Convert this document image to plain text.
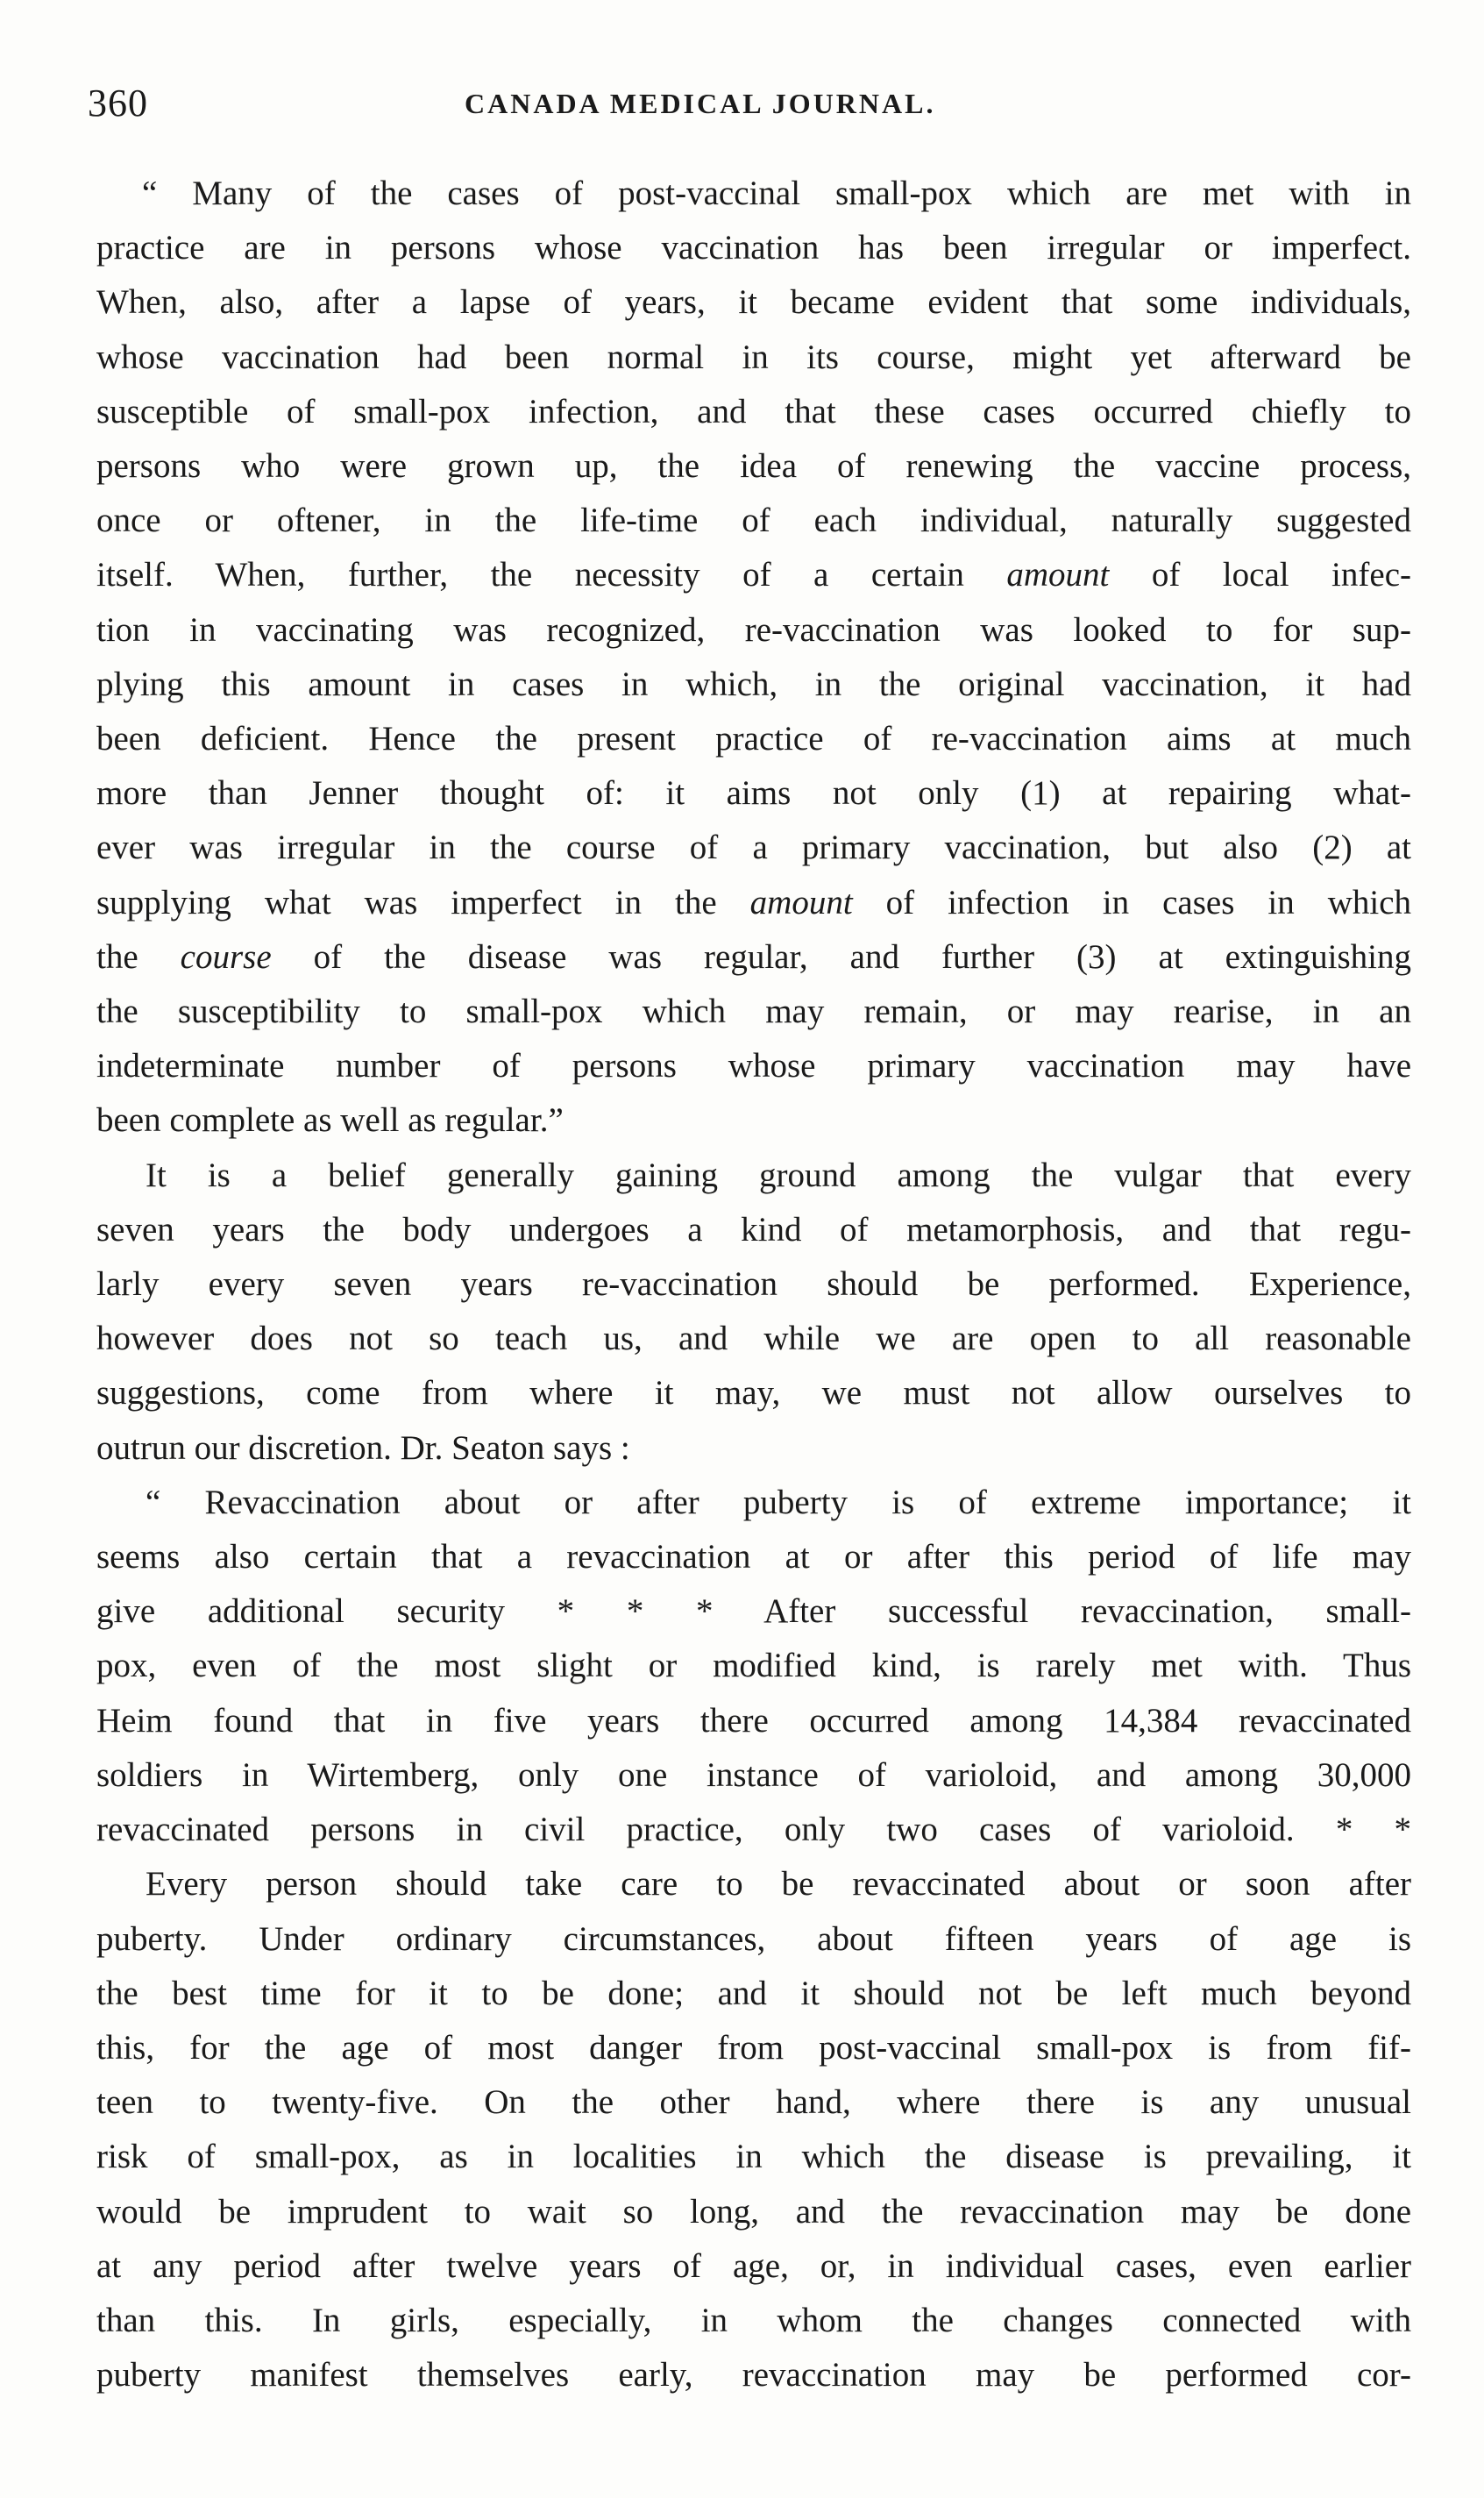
360	CANADA MEDICAL JOURNAL.
“ Many of the cases of post-vaccinal small-pox which are met with in
practice are in persons whose vaccination has been irregular or imperfect.
When, also, after a lapse of years, it became evident that some individuals,
whose vaccination had been normal in its course, might yet afterward be
susceptible of small-pox infection, and that these cases occurred chiefly to
persons who were grown up, the idea of renewing the vaccine process,
once or oftener, in the life-time of each individual, naturally suggested
itself. When, further, the necessity of a certain amount of local infec-
tion in vaccinating was recognized, re-vaccination was looked to for sup-
plying this amount in cases in which, in the original vaccination, it had
been deficient. Hence the present practice of re-vaccination aims at much
more than Jenner thought of: it aims not only (1) at repairing what-
ever was irregular in the course of a primary vaccination, but also (2) at
supplying what was imperfect in the amount of infection in cases in which
the course of the disease was regular, and further (3) at extinguishing
the susceptibility to small-pox which may remain, or may rearise, in an
indeterminate number of persons whose primary vaccination may have
been complete as well as regular.”
It is a belief generally gaining ground among the vulgar that every
seven years the body undergoes a kind of metamorphosis, and that regu-
larly every seven years re-vaccination should be performed. Experience,
however does not so teach us, and while we are open to all reasonable
suggestions, come from where it may, we must not allow ourselves to
outrun our discretion. Dr. Seaton says :
“ Revaccination about or after puberty is of extreme importance; it
seems also certain that a revaccination at or after this period of life may
give additional security * * * After successful revaccination, small-
pox, even of the most slight or modified kind, is rarely met with. Thus
Heim found that in five years there occurred among 14,384 revaccinated
soldiers in Wirtemberg, only one instance of varioloid, and among 30,000
revaccinated persons in civil practice, only two cases of varioloid. * *
Every person should take care to be revaccinated about or soon after
puberty. Under ordinary circumstances, about fifteen years of age is
the best time for it to be done; and it should not be left much beyond
this, for the age of most danger from post-vaccinal small-pox is from fif-
teen to twenty-five. On the other hand, where there is any unusual
risk of small-pox, as in localities in which the disease is prevailing, it
would be imprudent to wait so long, and the revaccination may be done
at any period after twelve years of age, or, in individual cases, even earlier
than this. In girls, especially, in whom the changes connected with
puberty manifest themselves early, revaccination may be performed cor-
